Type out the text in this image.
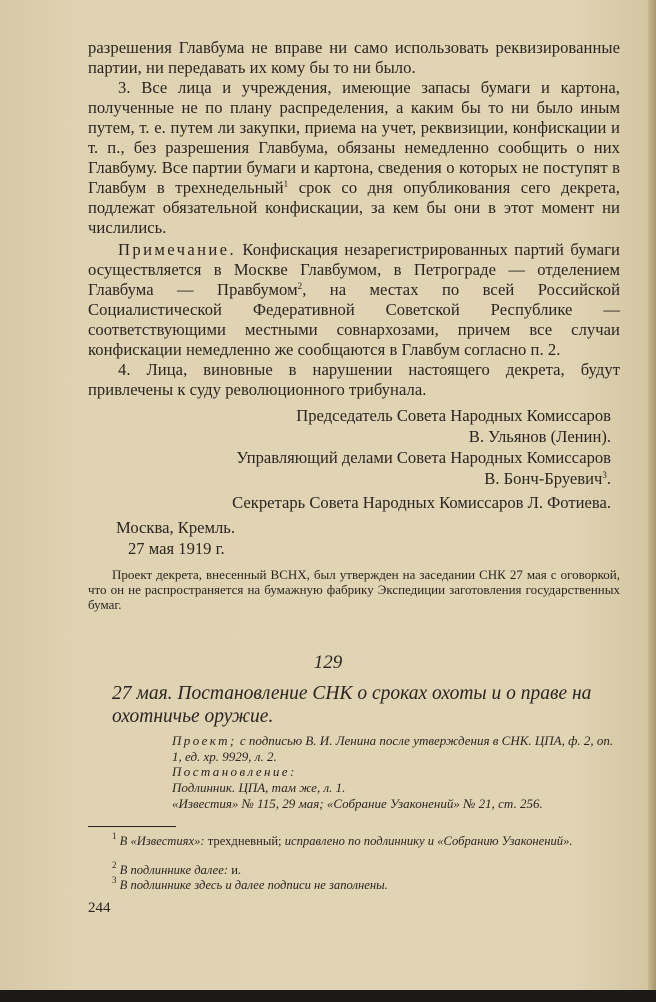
разрешения Главбума не вправе ни само использовать реквизированные партии, ни передавать их кому бы то ни было.

3. Все лица и учреждения, имеющие запасы бумаги и картона, полученные не по плану распределения, а каким бы то ни было иным путем, т. е. путем ли закупки, приема на учет, реквизиции, конфискации и т. п., без разрешения Главбума, обязаны немедленно сообщить о них Главбуму. Все партии бумаги и картона, сведения о которых не поступят в Главбум в трехнедельный$^1$ срок со дня опубликования сего декрета, подлежат обязательной конфискации, за кем бы они в этот момент ни числились.

Примечание. Конфискация незарегистрированных партий бумаги осуществляется в Москве Главбумом, в Петрограде — отделением Главбума — Правбумом$^2$, на местах по всей Российской Социалистической Федеративной Советской Республике — соответствующими местными совнархозами, причем все случаи конфискации немедленно же сообщаются в Главбум согласно п. 2.

4. Лица, виновные в нарушении настоящего декрета, будут привлечены к суду революционного трибунала.

Председатель Совета Народных Комиссаров
В. Ульянов (Ленин).
Управляющий делами Совета Народных Комиссаров
В. Бонч-Бруевич$^3$.
Секретарь Совета Народных Комиссаров Л. Фотиева.
Москва, Кремль.
27 мая 1919 г.

Проект декрета, внесенный ВСНХ, был утвержден на заседании СНК 27 мая с оговоркой, что он не распространяется на бумажную фабрику Экспедиции заготовления государственных бумаг.

129

27 мая. Постановление СНК о сроках охоты и о праве на охотничье оружие.

Проект; с подписью В. И. Ленина после утверждения в СНК. ЦПА, ф. 2, оп. 1, ед. хр. 9929, л. 2.

Постановление:

Подлинник. ЦПА, там же, л. 1.

«Известия» № 115, 29 мая; «Собрание Узаконений» № 21, ст. 256.

$^1$ В «Известиях»: трехдневный; исправлено по подлиннику и «Собранию Узаконений».

$^2$ В подлиннике далее: и.

$^3$ В подлиннике здесь и далее подписи не заполнены.

244
